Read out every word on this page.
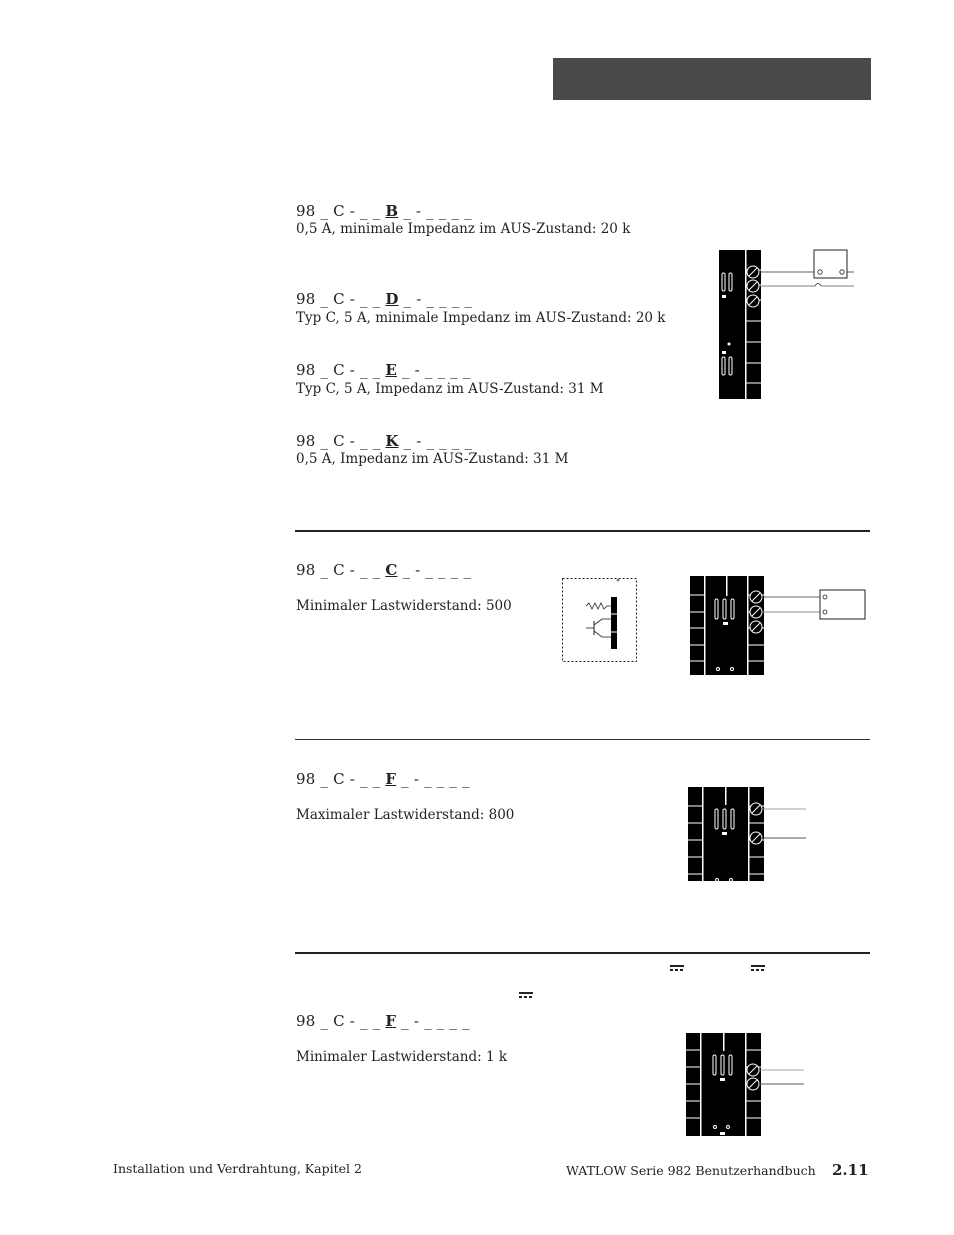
98 _ C - _ _ B _ - _ _ _ _
0,5 A, minimale Impedanz im AUS-Zustand: 20 k
98 _ C - _ _ D _ - _ _ _ _
Typ C, 5 A, minimale Impedanz im AUS-Zustand: 20 k
98 _ C - _ _ E _ - _ _ _ _
Typ C, 5 A, Impedanz im AUS-Zustand: 31 M
98 _ C - _ _ K _ - _ _ _ _
0,5 A, Impedanz im AUS-Zustand: 31 M
98 _ C - _ _ C _ - _ _ _ _
Minimaler Lastwiderstand: 500
98 _ C - _ _ F _ - _ _ _ _
Maximaler Lastwiderstand: 800
98 _ C - _ _ F _ - _ _ _ _
Minimaler Lastwiderstand: 1 k
Installation und Verdrahtung, Kapitel 2	WATLOW Serie 982 Benutzerhandbuch 2.11
